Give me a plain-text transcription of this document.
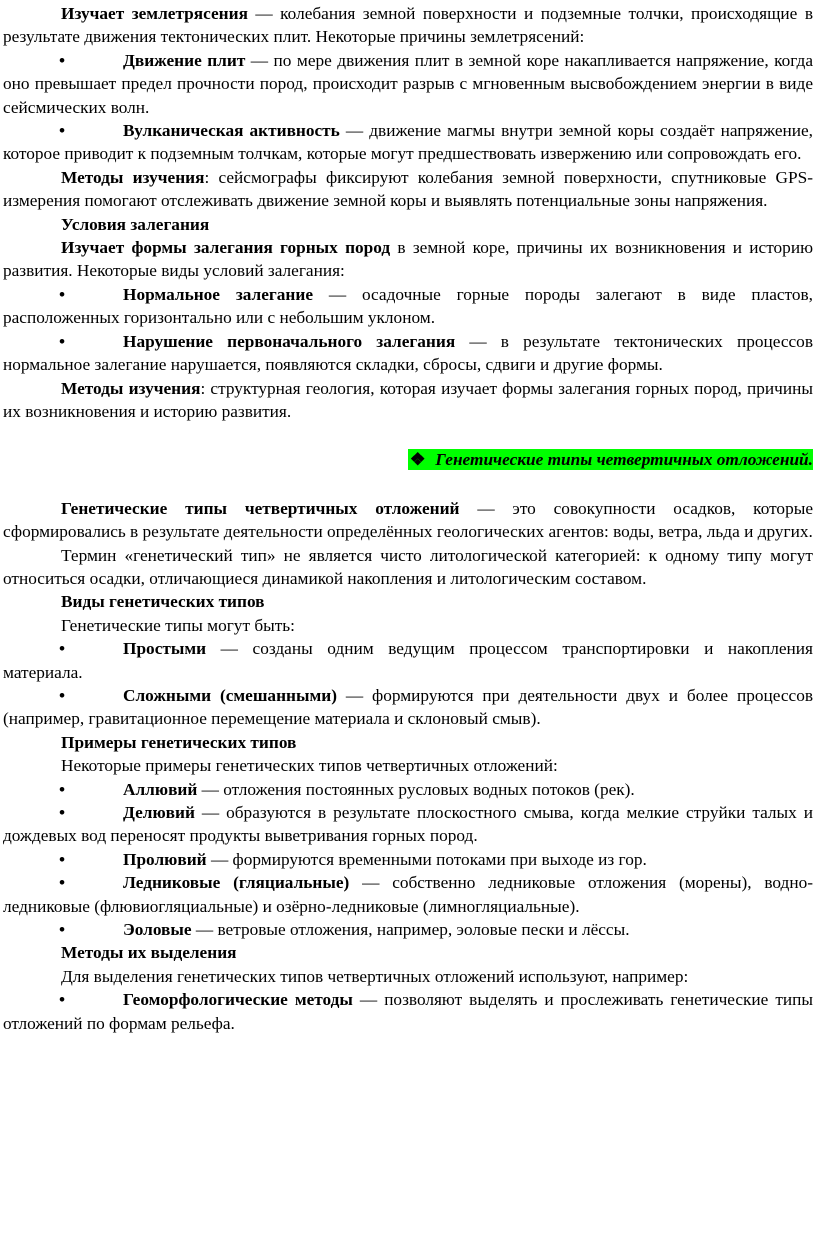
Изучает землетрясения — колебания земной поверхности и подземные толчки, происходящие в результате движения тектонических плит. Некоторые причины землетрясений:

•	Движение плит — по мере движения плит в земной коре накапливается напряжение, когда оно превышает предел прочности пород, происходит разрыв с мгновенным высвобождением энергии в виде сейсмических волн.

•	Вулканическая активность — движение магмы внутри земной коры создаёт напряжение, которое приводит к подземным толчкам, которые могут предшествовать извержению или сопровождать его.

Методы изучения: сейсмографы фиксируют колебания земной поверхности, спутниковые GPS-измерения помогают отслеживать движение земной коры и выявлять потенциальные зоны напряжения.

Условия залегания

Изучает формы залегания горных пород в земной коре, причины их возникновения и историю развития. Некоторые виды условий залегания:

•	Нормальное залегание — осадочные горные породы залегают в виде пластов, расположенных горизонтально или с небольшим уклоном.

•	Нарушение первоначального залегания — в результате тектонических процессов нормальное залегание нарушается, появляются складки, сбросы, сдвиги и другие формы.

Методы изучения: структурная геология, которая изучает формы залегания горных пород, причины их возникновения и историю развития.

❖ Генетические типы четвертичных отложений.

Генетические типы четвертичных отложений — это совокупности осадков, которые сформировались в результате деятельности определённых геологических агентов: воды, ветра, льда и других.

Термин «генетический тип» не является чисто литологической категорией: к одному типу могут относиться осадки, отличающиеся динамикой накопления и литологическим составом.

Виды генетических типов

Генетические типы могут быть:

•	Простыми — созданы одним ведущим процессом транспортировки и накопления материала.

•	Сложными (смешанными) — формируются при деятельности двух и более процессов (например, гравитационное перемещение материала и склоновый смыв).

Примеры генетических типов

Некоторые примеры генетических типов четвертичных отложений:

•	Аллювий — отложения постоянных русловых водных потоков (рек).

•	Делювий — образуются в результате плоскостного смыва, когда мелкие струйки талых и дождевых вод переносят продукты выветривания горных пород.

•	Пролювий — формируются временными потоками при выходе из гор.

•	Ледниковые (гляциальные) — собственно ледниковые отложения (морены), водно-ледниковые (флювиогляциальные) и озёрно-ледниковые (лимногляциальные).

•	Эоловые — ветровые отложения, например, эоловые пески и лёссы.

Методы их выделения

Для выделения генетических типов четвертичных отложений используют, например:

•	Геоморфологические методы — позволяют выделять и прослеживать генетические типы отложений по формам рельефа.
